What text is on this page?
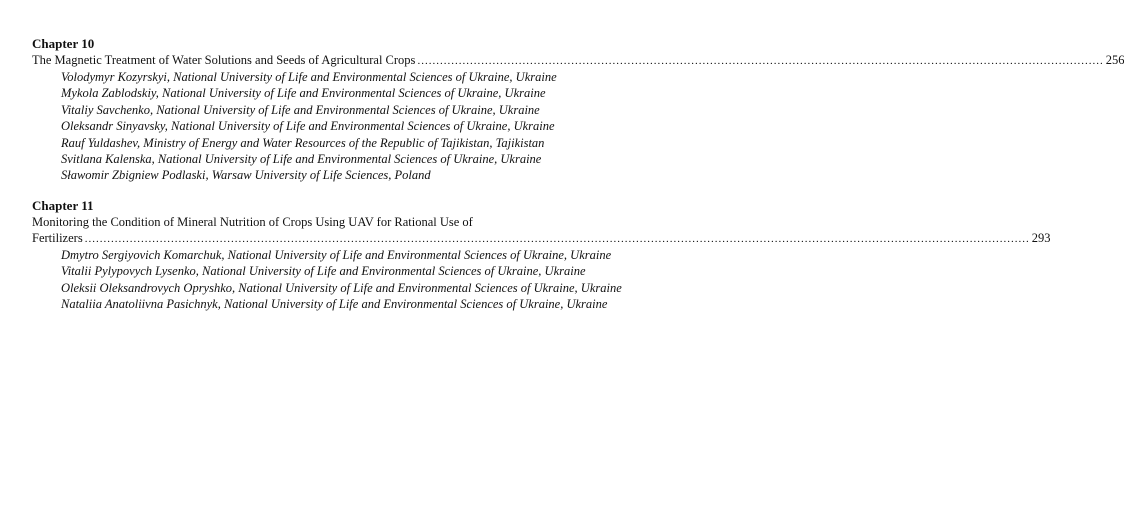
Chapter 10
The Magnetic Treatment of Water Solutions and Seeds of Agricultural Crops ....................................................................................................................................................................................... 256
Volodymyr Kozyrskyi, National University of Life and Environmental Sciences of Ukraine, Ukraine
Mykola Zablodskiy, National University of Life and Environmental Sciences of Ukraine, Ukraine
Vitaliy Savchenko, National University of Life and Environmental Sciences of Ukraine, Ukraine
Oleksandr Sinyavsky, National University of Life and Environmental Sciences of Ukraine, Ukraine
Rauf Yuldashev, Ministry of Energy and Water Resources of the Republic of Tajikistan, Tajikistan
Svitlana Kalenska, National University of Life and Environmental Sciences of Ukraine, Ukraine
Sławomir Zbigniew Podlaski, Warsaw University of Life Sciences, Poland
Chapter 11
Monitoring the Condition of Mineral Nutrition of Crops Using UAV for Rational Use of
Fertilizers ............................................................................................................................................................................................................................................................ 293
Dmytro Sergiyovich Komarchuk, National University of Life and Environmental Sciences of Ukraine, Ukraine
Vitalii Pylypovych Lysenko, National University of Life and Environmental Sciences of Ukraine, Ukraine
Oleksii Oleksandrovych Opryshko, National University of Life and Environmental Sciences of Ukraine, Ukraine
Nataliia Anatoliivna Pasichnyk, National University of Life and Environmental Sciences of Ukraine, Ukraine
